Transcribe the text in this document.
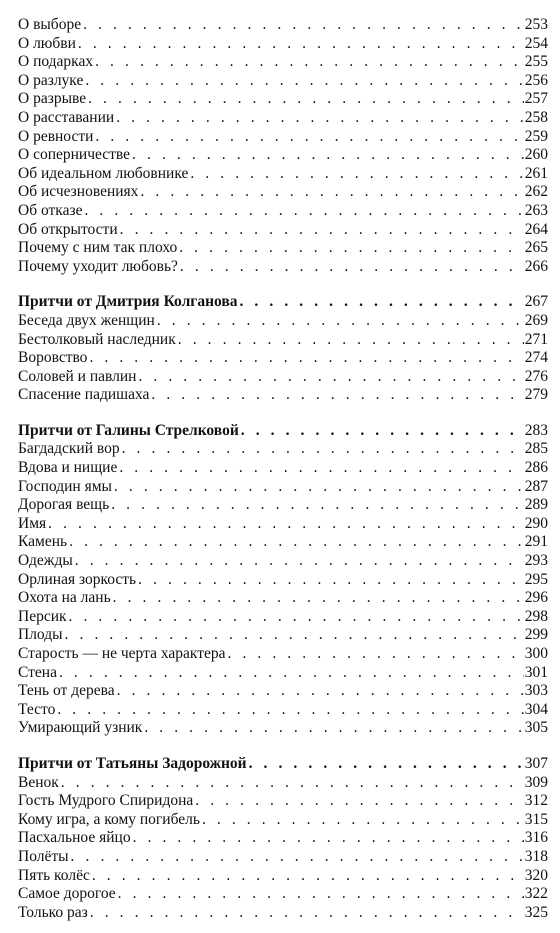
О выборе . . .	253
О любви . . .	254
О подарках . . .	255
О разлуке . . .	256
О разрыве . . .	257
О расставании . . .	258
О ревности . . .	259
О соперничестве . . .	260
Об идеальном любовнике . . .	261
Об исчезновениях . . .	262
Об отказе . . .	263
Об открытости . . .	264
Почему с ним так плохо . . .	265
Почему уходит любовь? . . .	266
Притчи от Дмитрия Колганова . . .	267
Беседа двух женщин . . .	269
Бестолковый наследник . . .	271
Воровство . . .	274
Соловей и павлин . . .	276
Спасение падишаха . . .	279
Притчи от Галины Стрелковой . . .	283
Багдадский вор . . .	285
Вдова и нищие . . .	286
Господин ямы . . .	287
Дорогая вещь . . .	289
Имя . . .	290
Камень . . .	291
Одежды . . .	293
Орлиная зоркость . . .	295
Охота на лань . . .	296
Персик . . .	298
Плоды . . .	299
Старость — не черта характера . . .	300
Стена . . .	301
Тень от дерева . . .	303
Тесто . . .	304
Умирающий узник . . .	305
Притчи от Татьяны Задорожной . . .	307
Венок . . .	309
Гость Мудрого Спиридона . . .	312
Кому игра, а кому погибель . . .	315
Пасхальное яйцо . . .	316
Полёты . . .	318
Пять колёс . . .	320
Самое дорогое . . .	322
Только раз . . .	325
